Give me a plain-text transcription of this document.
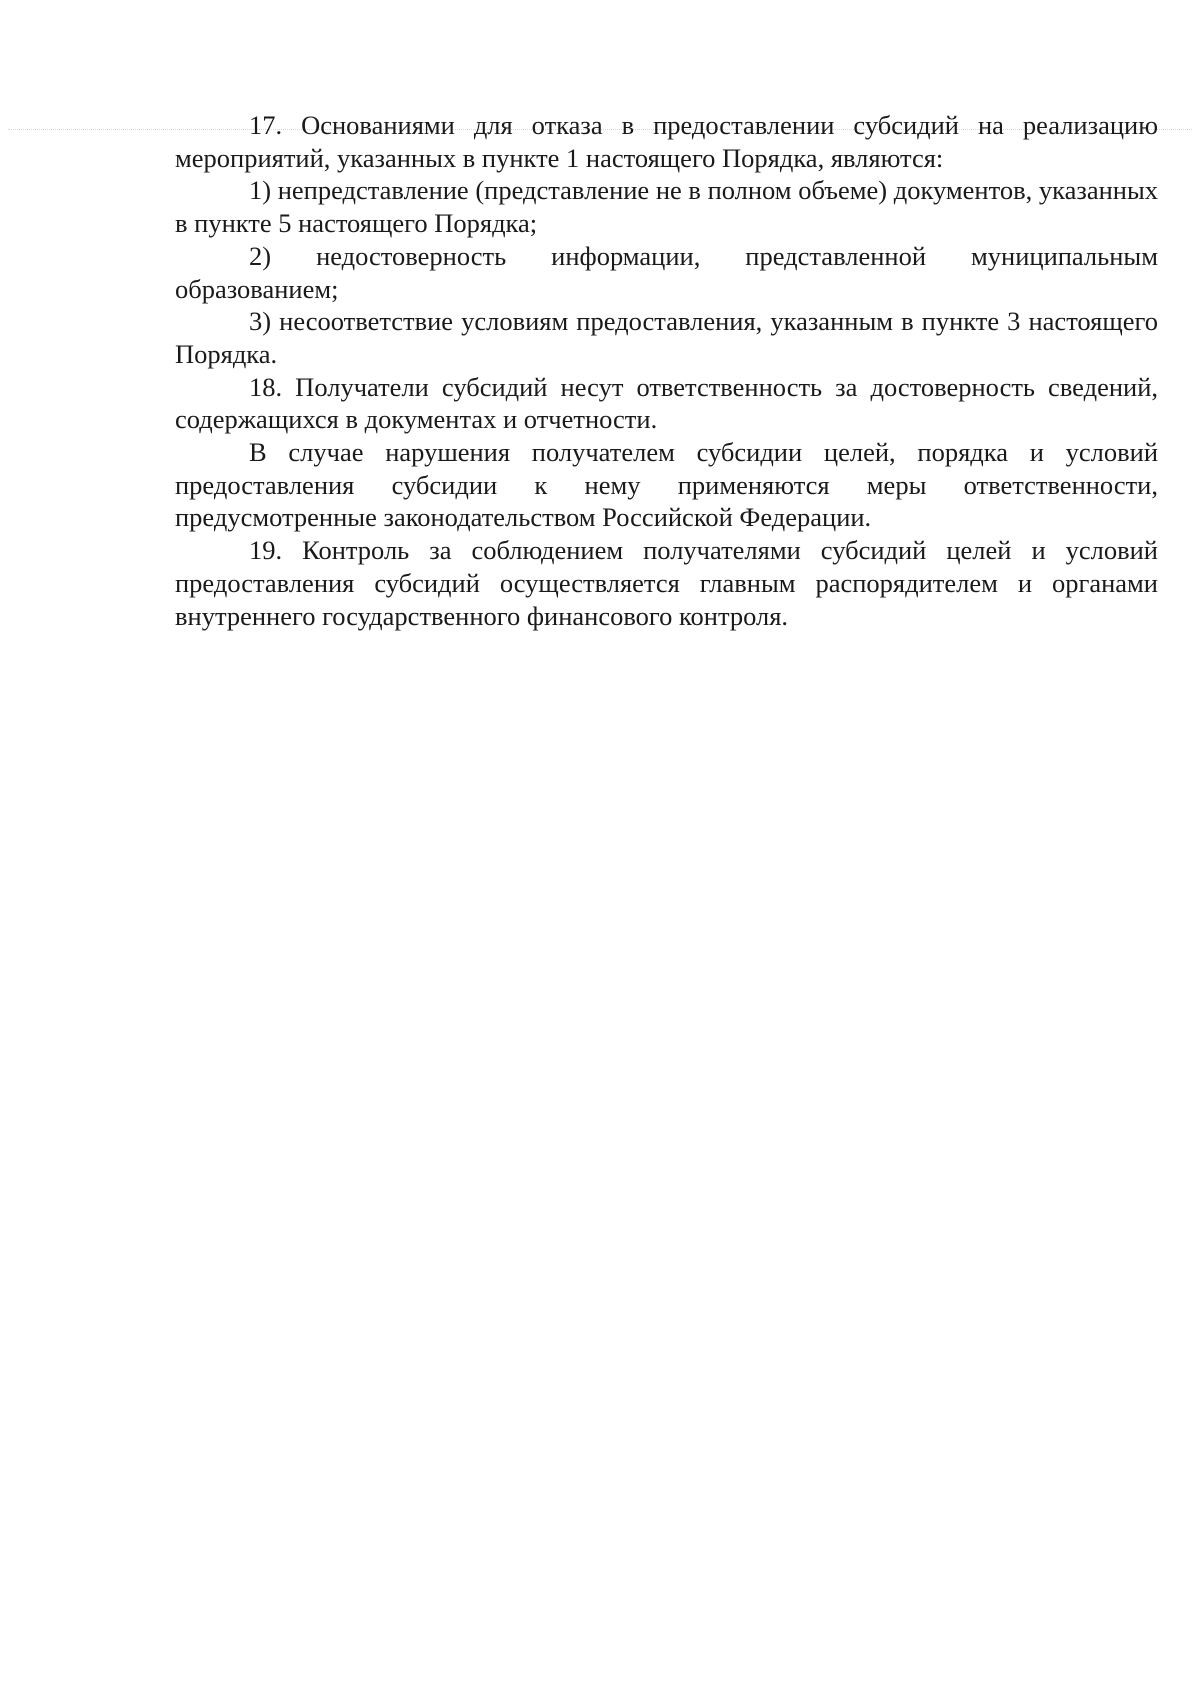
17. Основаниями для отказа в предоставлении субсидий на реализацию мероприятий, указанных в пункте 1 настоящего Порядка, являются:

1) непредставление (представление не в полном объеме) документов, указанных в пункте 5 настоящего Порядка;

2) недостоверность информации, представленной муниципальным образованием;

3) несоответствие условиям предоставления, указанным в пункте 3 настоящего Порядка.

18. Получатели субсидий несут ответственность за достоверность сведений, содержащихся в документах и отчетности.

В случае нарушения получателем субсидии целей, порядка и условий предоставления субсидии к нему применяются меры ответственности, предусмотренные законодательством Российской Федерации.

19. Контроль за соблюдением получателями субсидий целей и условий предоставления субсидий осуществляется главным распорядителем и органами внутреннего государственного финансового контроля.
